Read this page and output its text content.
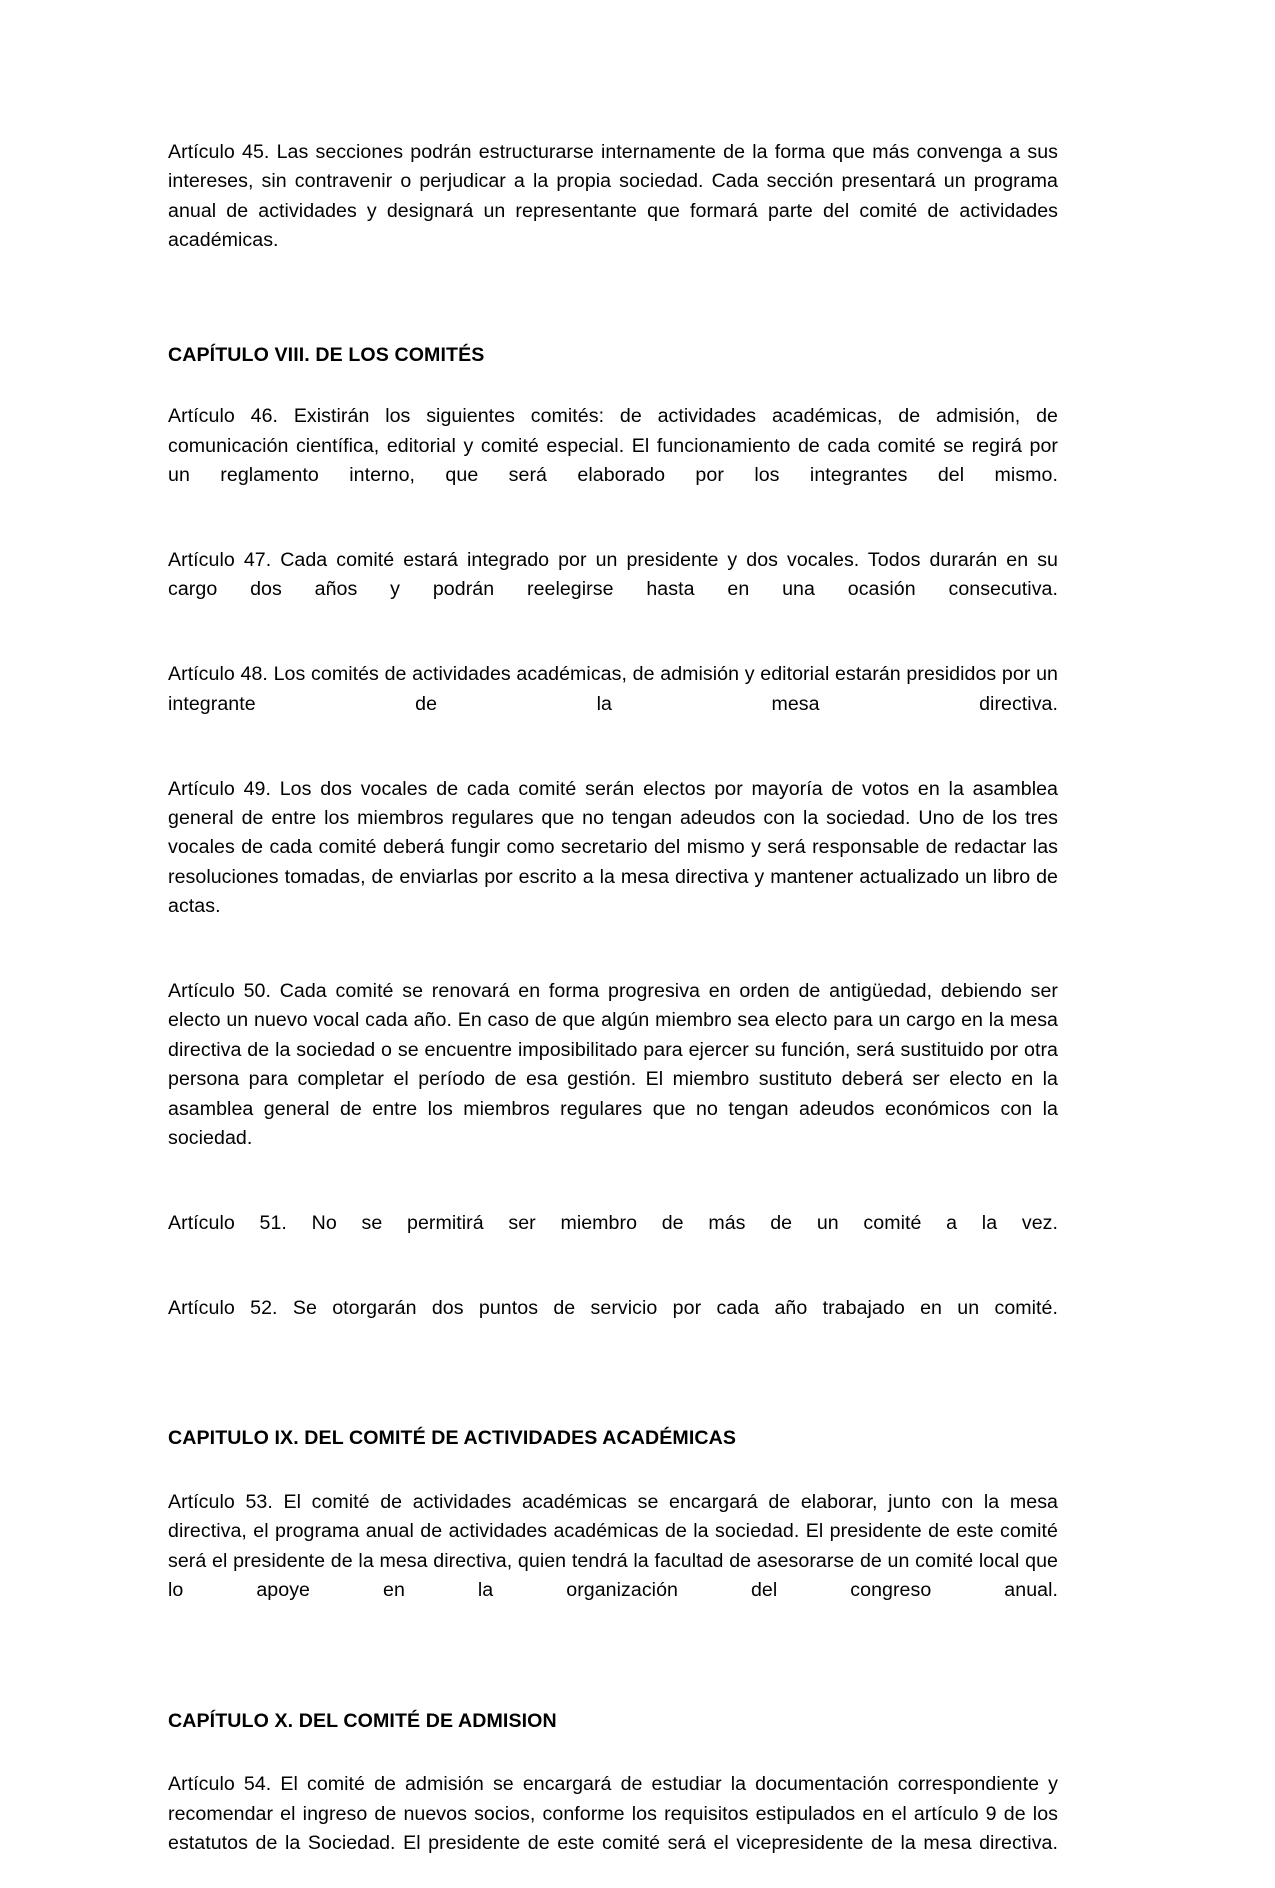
Artículo 45. Las secciones podrán estructurarse internamente de la forma que más convenga a sus intereses, sin contravenir o perjudicar a la propia sociedad. Cada sección presentará un programa anual de actividades y designará un representante que formará parte del comité de actividades académicas.

CAPÍTULO VIII. DE LOS COMITÉS

Artículo 46. Existirán los siguientes comités: de actividades académicas, de admisión, de comunicación científica, editorial y comité especial. El funcionamiento de cada comité se regirá por un reglamento interno, que será elaborado por los integrantes del mismo.

Artículo 47. Cada comité estará integrado por un presidente y dos vocales. Todos durarán en su cargo dos años y podrán reelegirse hasta en una ocasión consecutiva.

Artículo 48. Los comités de actividades académicas, de admisión y editorial estarán presididos por un integrante de la mesa directiva.

Artículo 49. Los dos vocales de cada comité serán electos por mayoría de votos en la asamblea general de entre los miembros regulares que no tengan adeudos con la sociedad. Uno de los tres vocales de cada comité deberá fungir como secretario del mismo y será responsable de redactar las resoluciones tomadas, de enviarlas por escrito a la mesa directiva y mantener actualizado un libro de actas.

Artículo 50. Cada comité se renovará en forma progresiva en orden de antigüedad, debiendo ser electo un nuevo vocal cada año. En caso de que algún miembro sea electo para un cargo en la mesa directiva de la sociedad o se encuentre imposibilitado para ejercer su función, será sustituido por otra persona para completar el período de esa gestión. El miembro sustituto deberá ser electo en la asamblea general de entre los miembros regulares que no tengan adeudos económicos con la sociedad.

Artículo 51. No se permitirá ser miembro de más de un comité a la vez.

Artículo 52. Se otorgarán dos puntos de servicio por cada año trabajado en un comité.

CAPITULO IX. DEL COMITÉ DE ACTIVIDADES ACADÉMICAS

Artículo 53. El comité de actividades académicas se encargará de elaborar, junto con la mesa directiva, el programa anual de actividades académicas de la sociedad. El presidente de este comité será el presidente de la mesa directiva, quien tendrá la facultad de asesorarse de un comité local que lo apoye en la organización del congreso anual.

CAPÍTULO X. DEL COMITÉ DE ADMISION

Artículo 54. El comité de admisión se encargará de estudiar la documentación correspondiente y recomendar el ingreso de nuevos socios, conforme los requisitos estipulados en el artículo 9 de los estatutos de la Sociedad. El presidente de este comité será el vicepresidente de la mesa directiva.
